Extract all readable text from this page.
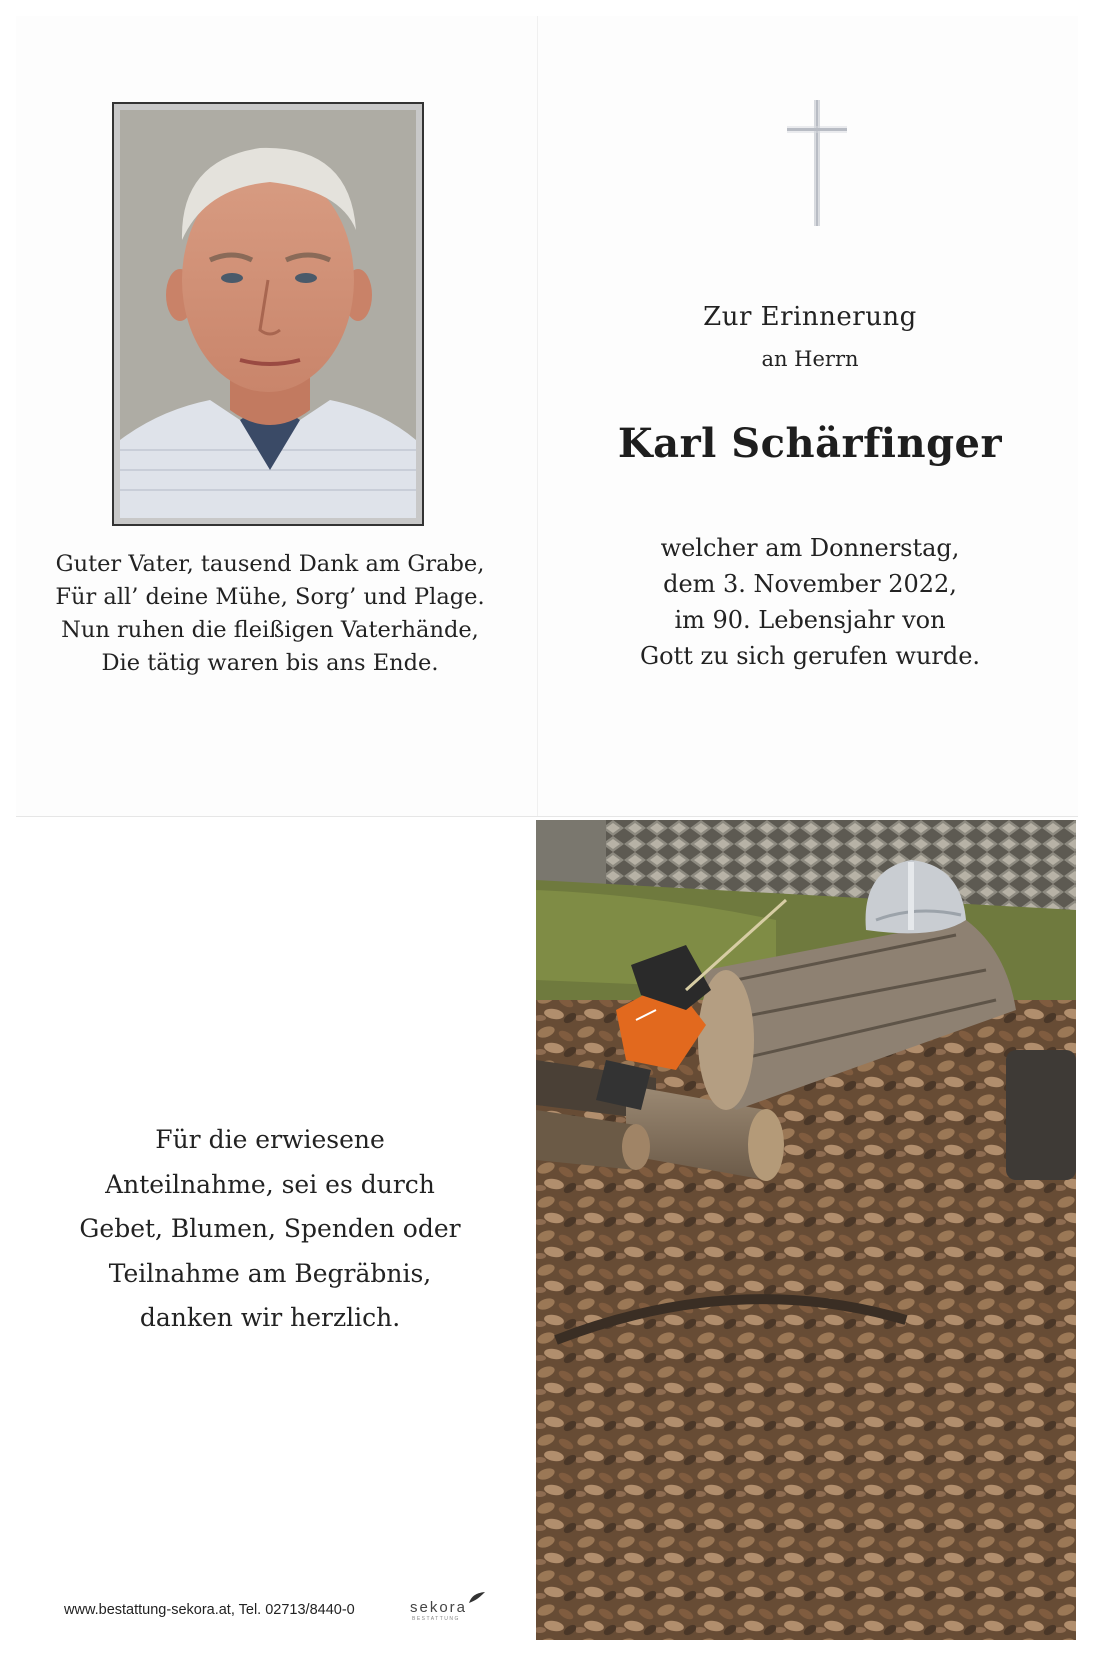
Guter Vater, tausend Dank am Grabe,
Für all’ deine Mühe, Sorg’ und Plage.
Nun ruhen die fleißigen Vaterhände,
Die tätig waren bis ans Ende.
Zur Erinnerung
an Herrn
Karl Schärfinger
welcher am Donnerstag,
dem 3. November 2022,
im 90. Lebensjahr von
Gott zu sich gerufen wurde.
Für die erwiesene
Anteilnahme, sei es durch
Gebet, Blumen, Spenden oder
Teilnahme am Begräbnis,
danken wir herzlich.
www.bestattung-sekora.at, Tel. 02713/8440-0	sekora
BESTATTUNG
